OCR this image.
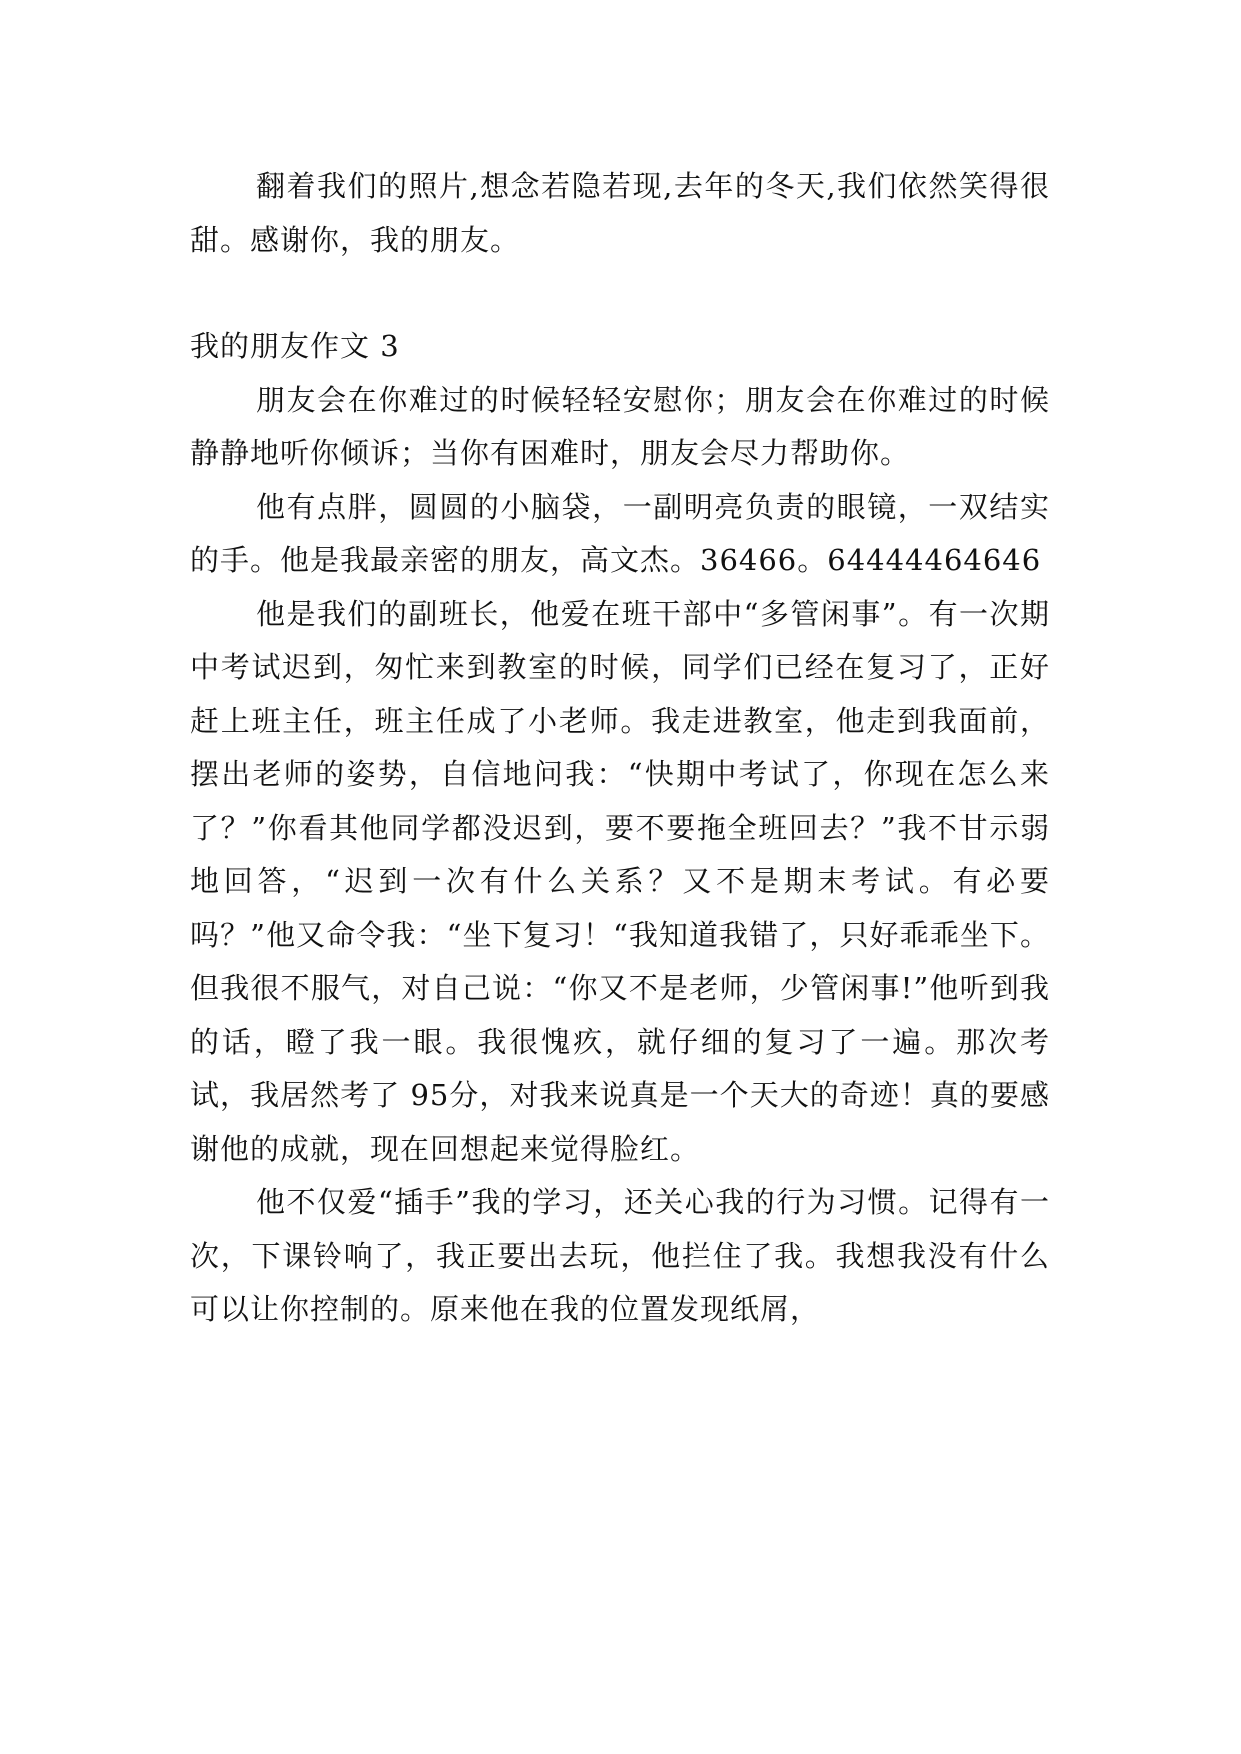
翻着我们的照片,想念若隐若现,去年的冬天,我们依然笑得很甜。感谢你，我的朋友。

我的朋友作文 3

朋友会在你难过的时候轻轻安慰你；朋友会在你难过的时候静静地听你倾诉；当你有困难时，朋友会尽力帮助你。

他有点胖，圆圆的小脑袋，一副明亮负责的眼镜，一双结实的手。他是我最亲密的朋友，高文杰。36466。64444464646

他是我们的副班长，他爱在班干部中“多管闲事”。有一次期中考试迟到，匆忙来到教室的时候，同学们已经在复习了，正好赶上班主任，班主任成了小老师。我走进教室，他走到我面前，摆出老师的姿势，自信地问我：“快期中考试了，你现在怎么来了？”你看其他同学都没迟到，要不要拖全班回去？”我不甘示弱地回答，“迟到一次有什么关系？又不是期末考试。有必要吗？”他又命令我：“坐下复习！“我知道我错了，只好乖乖坐下。但我很不服气，对自己说：“你又不是老师，少管闲事!”他听到我的话，瞪了我一眼。我很愧疚，就仔细的复习了一遍。那次考试，我居然考了 95分，对我来说真是一个天大的奇迹！真的要感谢他的成就，现在回想起来觉得脸红。

他不仅爱“插手”我的学习，还关心我的行为习惯。记得有一次，下课铃响了，我正要出去玩，他拦住了我。我想我没有什么可以让你控制的。原来他在我的位置发现纸屑，
